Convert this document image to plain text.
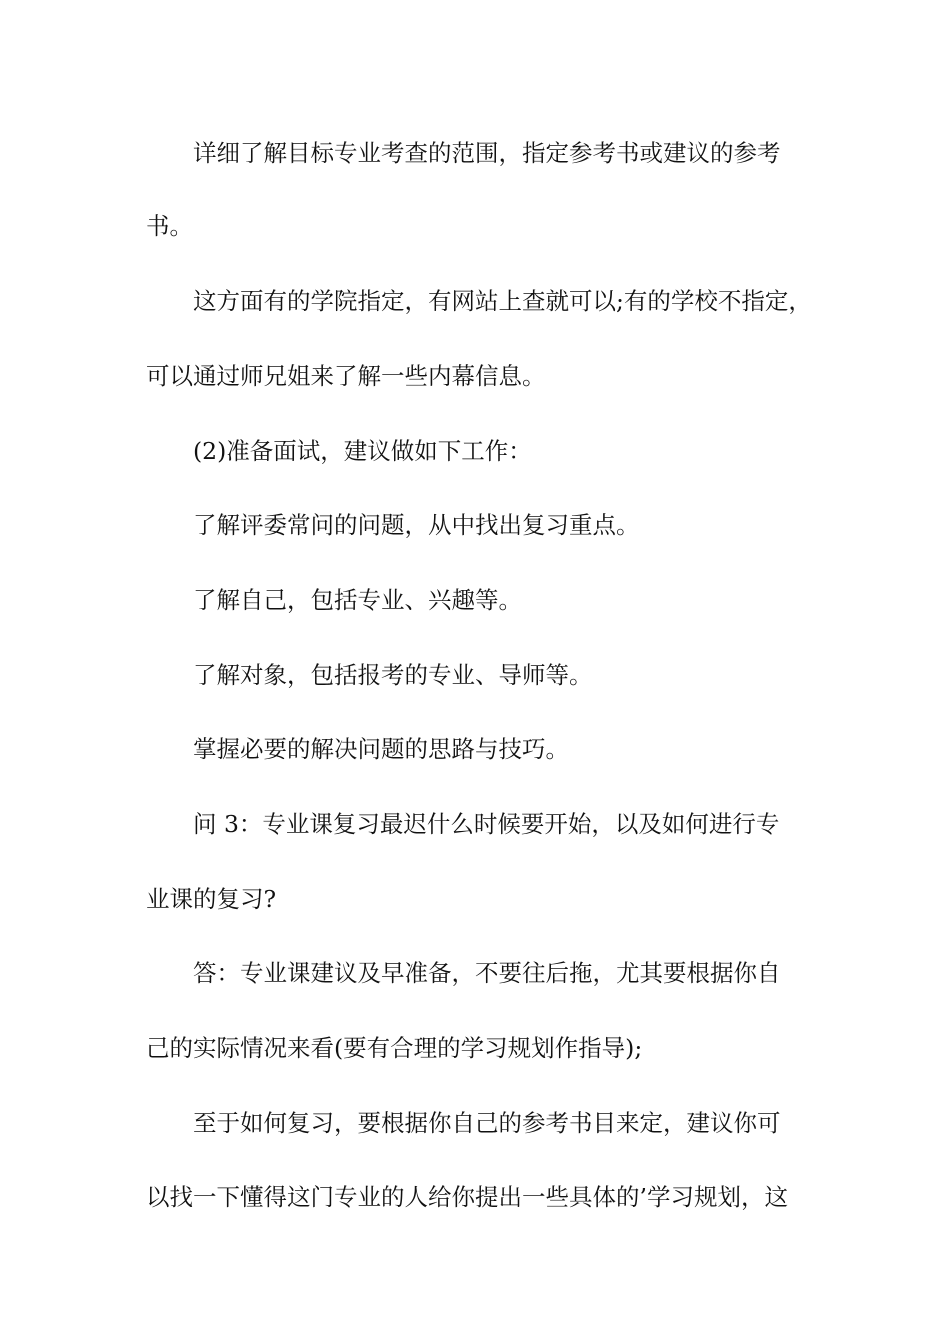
详细了解目标专业考查的范围，指定参考书或建议的参考

书。

这方面有的学院指定，有网站上查就可以;有的学校不指定，

可以通过师兄姐来了解一些内幕信息。

(2)准备面试，建议做如下工作：

了解评委常问的问题，从中找出复习重点。

了解自己，包括专业、兴趣等。

了解对象，包括报考的专业、导师等。

掌握必要的解决问题的思路与技巧。

问 3：专业课复习最迟什么时候要开始，以及如何进行专

业课的复习?

答：专业课建议及早准备，不要往后拖，尤其要根据你自

己的实际情况来看(要有合理的学习规划作指导);

至于如何复习，要根据你自己的参考书目来定，建议你可

以找一下懂得这门专业的人给你提出一些具体的’学习规划，这
